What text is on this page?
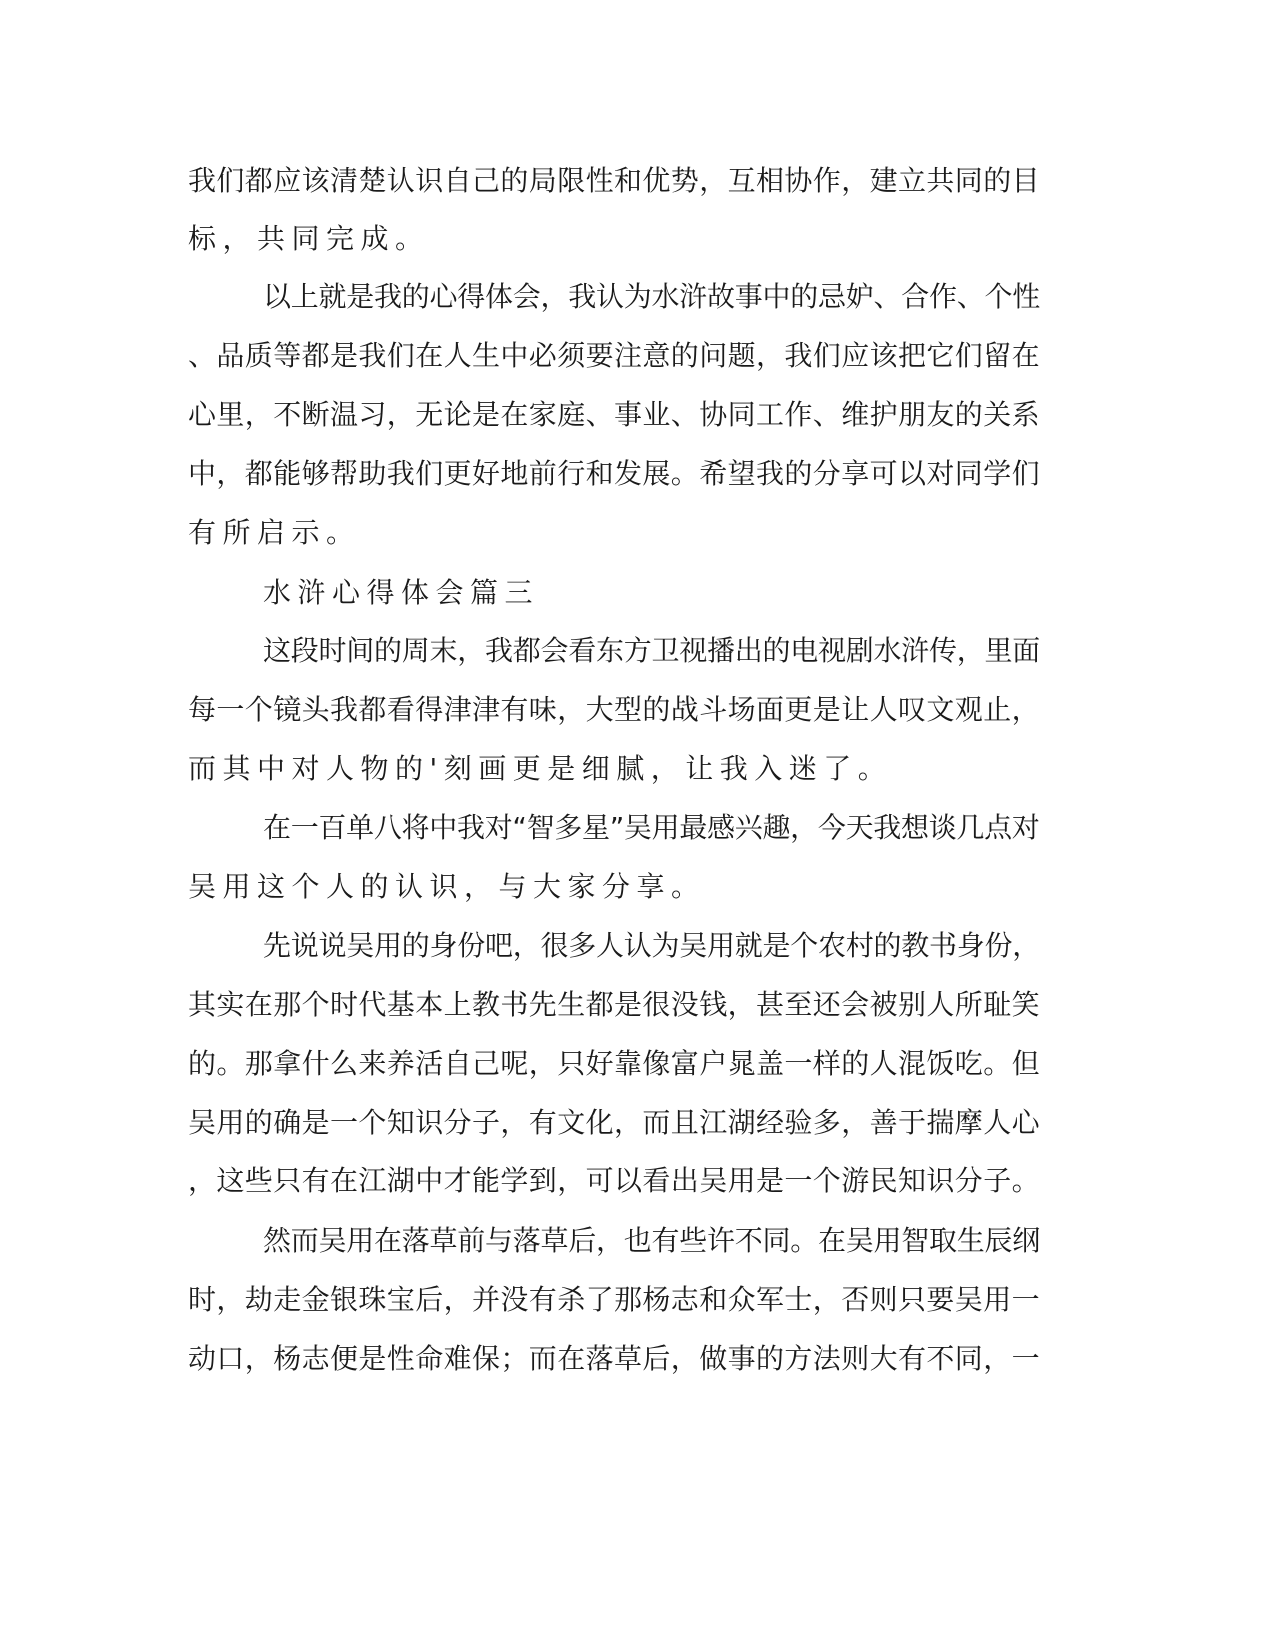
我们都应该清楚认识自己的局限性和优势，互相协作，建立共同的目
标，共同完成。
以上就是我的心得体会，我认为水浒故事中的忌妒、合作、个性
、品质等都是我们在人生中必须要注意的问题，我们应该把它们留在
心里，不断温习，无论是在家庭、事业、协同工作、维护朋友的关系
中，都能够帮助我们更好地前行和发展。希望我的分享可以对同学们
有所启示。
水浒心得体会篇三
这段时间的周末，我都会看东方卫视播出的电视剧水浒传，里面
每一个镜头我都看得津津有味，大型的战斗场面更是让人叹文观止，
而其中对人物的'刻画更是细腻，让我入迷了。
在一百单八将中我对“智多星”吴用最感兴趣，今天我想谈几点对
吴用这个人的认识，与大家分享。
先说说吴用的身份吧，很多人认为吴用就是个农村的教书身份，
其实在那个时代基本上教书先生都是很没钱，甚至还会被别人所耻笑
的。那拿什么来养活自己呢，只好靠像富户晁盖一样的人混饭吃。但
吴用的确是一个知识分子，有文化，而且江湖经验多，善于揣摩人心
，这些只有在江湖中才能学到，可以看出吴用是一个游民知识分子。
然而吴用在落草前与落草后，也有些许不同。在吴用智取生辰纲
时，劫走金银珠宝后，并没有杀了那杨志和众军士，否则只要吴用一
动口，杨志便是性命难保；而在落草后，做事的方法则大有不同，一
